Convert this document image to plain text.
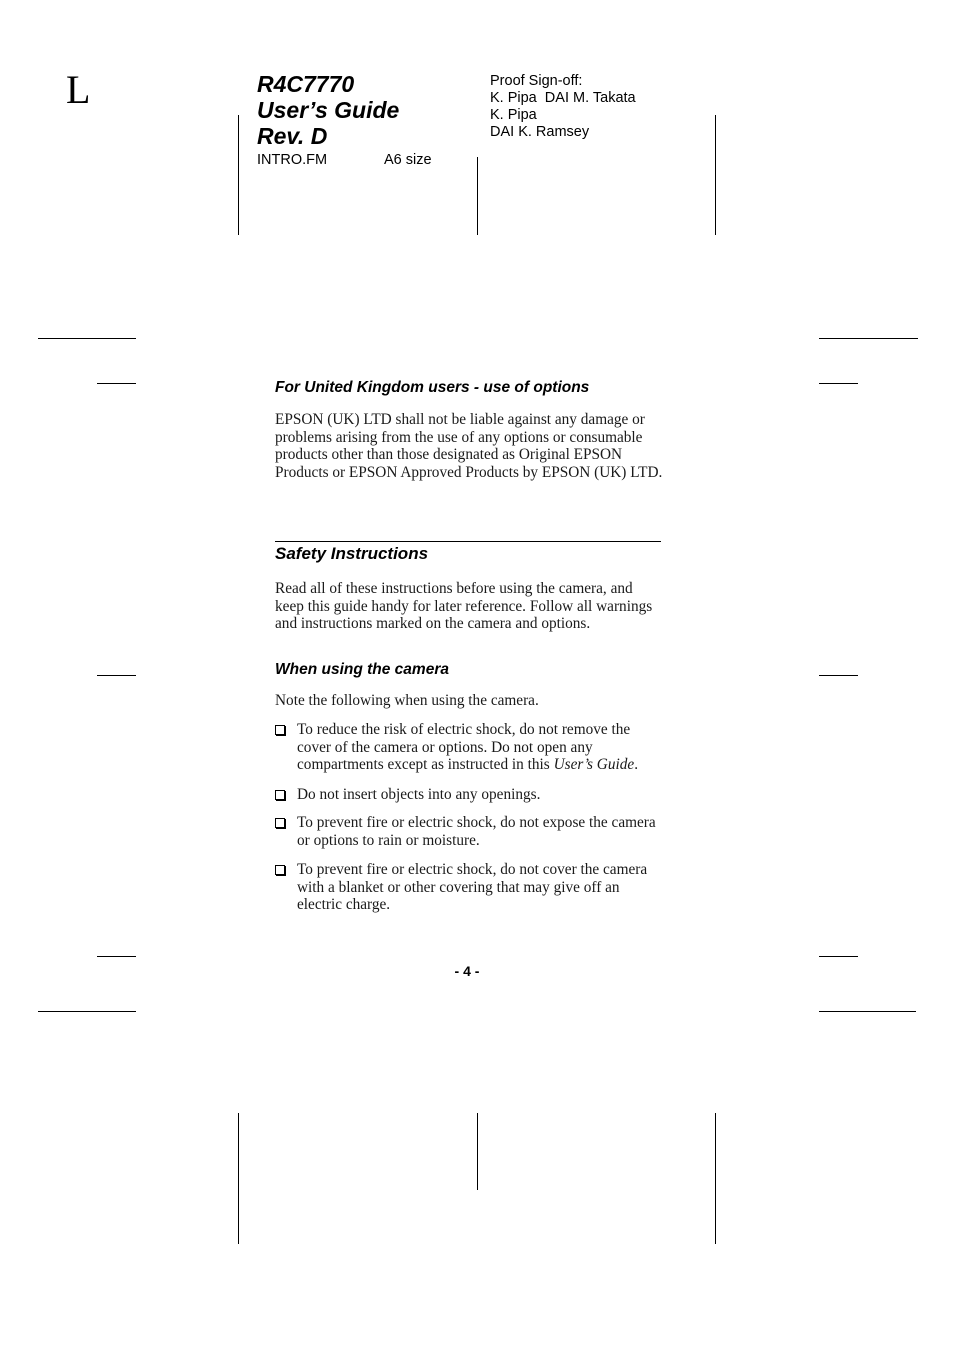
L	R4C7770
User’s Guide
Rev. D
INTRO.FM	A6 size
Proof Sign-off:
K. Pipa  DAI M. Takata
K. Pipa
DAI K. Ramsey
For United Kingdom users - use of options
EPSON (UK) LTD shall not be liable against any damage or problems arising from the use of any options or consumable products other than those designated as Original EPSON Products or EPSON Approved Products by EPSON (UK) LTD.
Safety Instructions
Read all of these instructions before using the camera, and keep this guide handy for later reference. Follow all warnings and instructions marked on the camera and options.
When using the camera
Note the following when using the camera.
To reduce the risk of electric shock, do not remove the cover of the camera or options. Do not open any compartments except as instructed in this User’s Guide.
Do not insert objects into any openings.
To prevent fire or electric shock, do not expose the camera or options to rain or moisture.
To prevent fire or electric shock, do not cover the camera with a blanket or other covering that may give off an electric charge.
- 4 -
